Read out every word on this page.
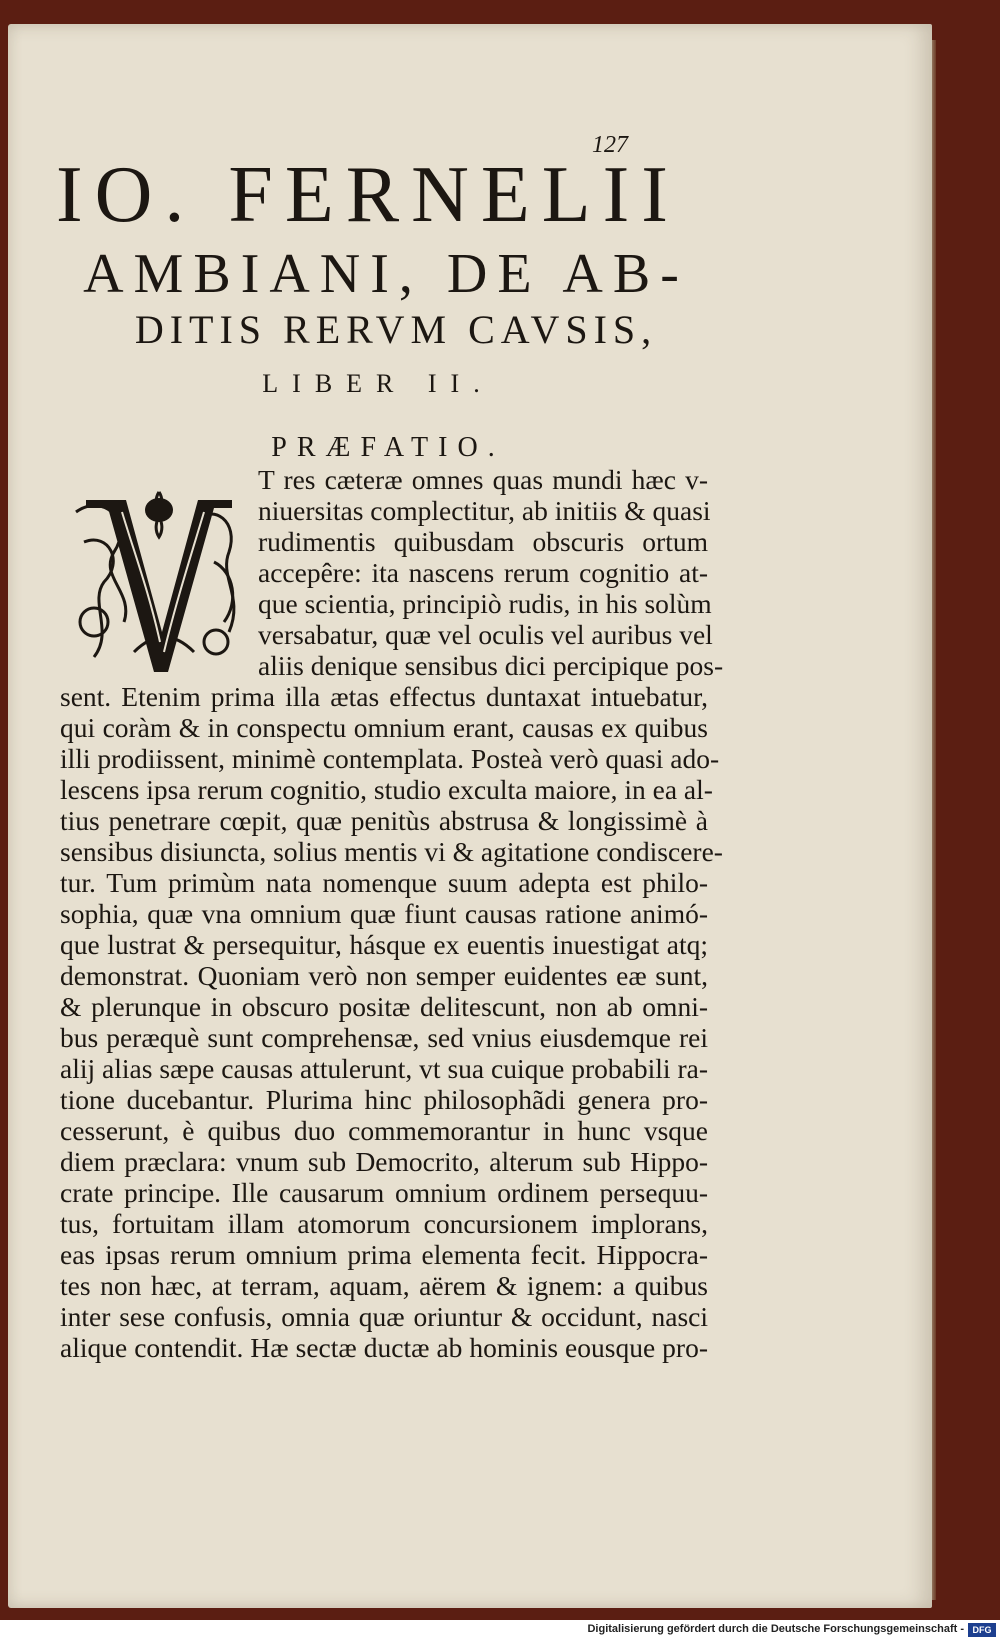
127
IO. FERNELII
AMBIANI, DE AB-
DITIS RERVM CAVSIS,
LIBER II.
PRÆFATIO.
T res cæteræ omnes quas mundi hæc v-
niuersitas complectitur, ab initiis & quasi
rudimentis quibusdam obscuris ortum
accepêre: ita nascens rerum cognitio at-
que scientia, principiò rudis, in his solùm
versabatur, quæ vel oculis vel auribus vel
aliis denique sensibus dici percipique pos-
sent. Etenim prima illa ætas effectus duntaxat intuebatur,
qui coràm & in conspectu omnium erant, causas ex quibus
illi prodiissent, minimè contemplata. Posteà verò quasi ado-
lescens ipsa rerum cognitio, studio exculta maiore, in ea al-
tius penetrare cœpit, quæ penitùs abstrusa & longissimè à
sensibus disiuncta, solius mentis vi & agitatione condiscere-
tur. Tum primùm nata nomenque suum adepta est philo-
sophia, quæ vna omnium quæ fiunt causas ratione animó-
que lustrat & persequitur, hásque ex euentis inuestigat atq;
demonstrat. Quoniam verò non semper euidentes eæ sunt,
& plerunque in obscuro positæ delitescunt, non ab omni-
bus peræquè sunt comprehensæ, sed vnius eiusdemque rei
alij alias sæpe causas attulerunt, vt sua cuique probabili ra-
tione ducebantur. Plurima hinc philosophãdi genera pro-
cesserunt, è quibus duo commemorantur in hunc vsque
diem præclara: vnum sub Democrito, alterum sub Hippo-
crate principe. Ille causarum omnium ordinem persequu-
tus, fortuitam illam atomorum concursionem implorans,
eas ipsas rerum omnium prima elementa fecit. Hippocra-
tes non hæc, at terram, aquam, aërem & ignem: a quibus
inter sese confusis, omnia quæ oriuntur & occidunt, nasci
alique contendit. Hæ sectæ ductæ ab hominis eousque pro-
Digitalisierung gefördert durch die Deutsche Forschungsgemeinschaft - DFG
